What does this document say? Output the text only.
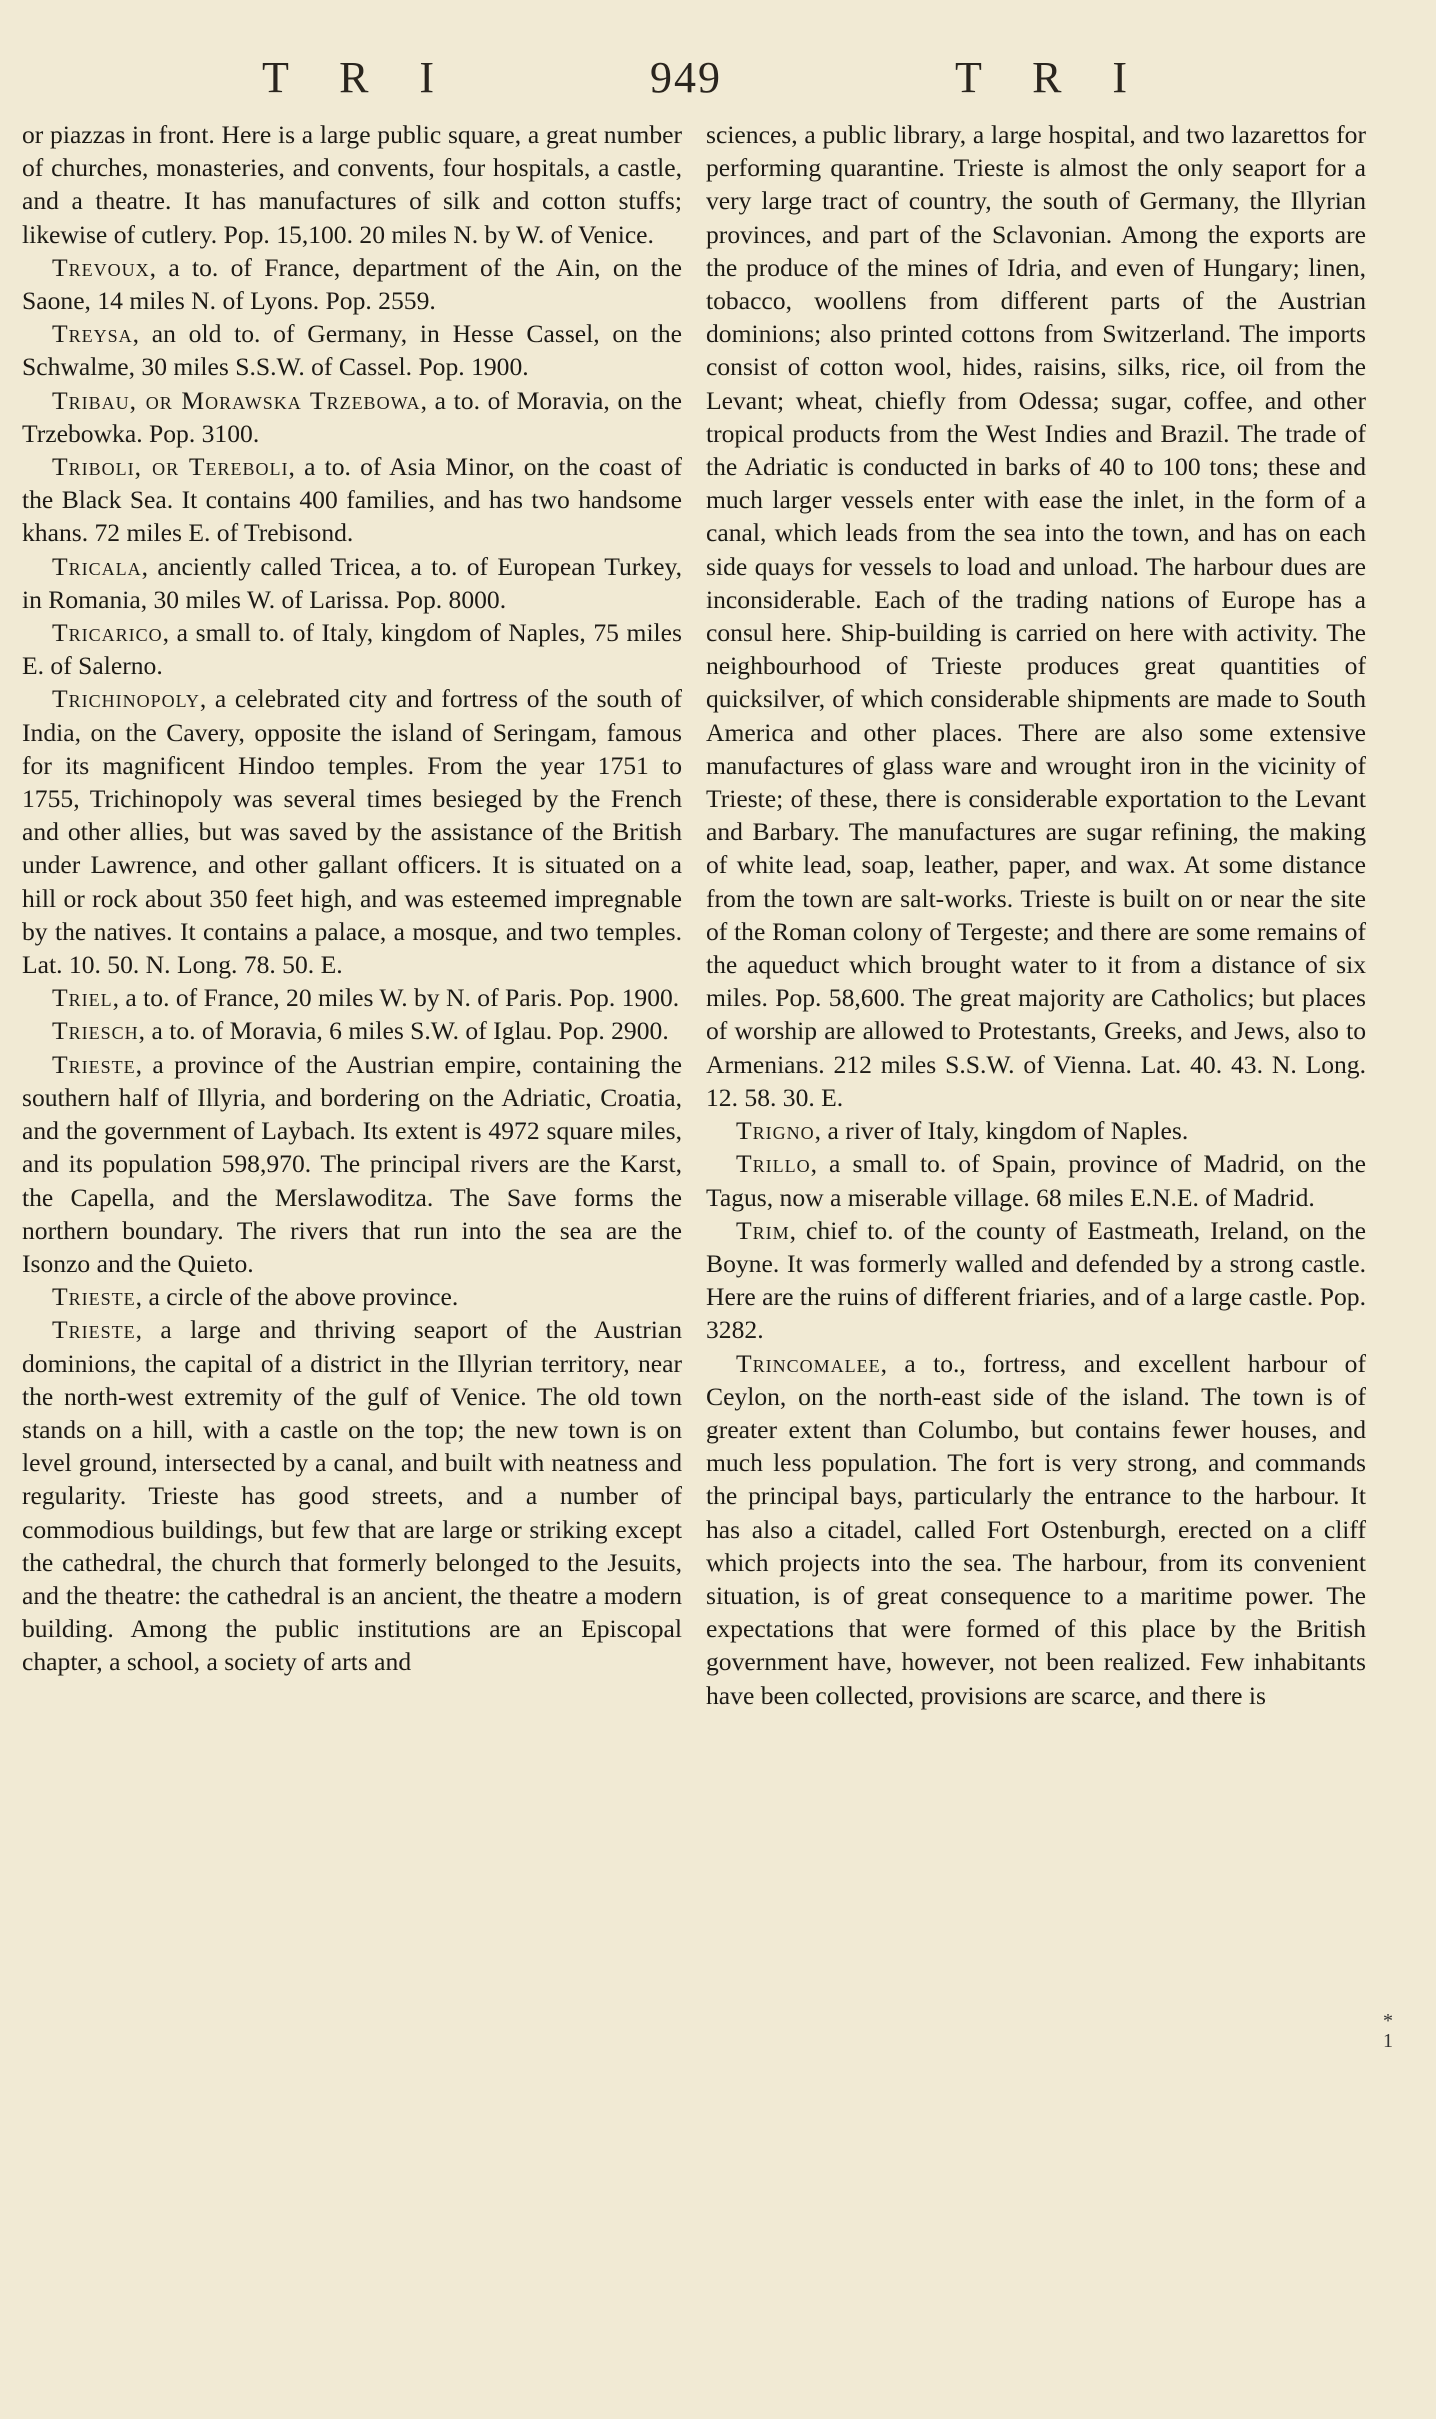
T R I	949	T R I

or piazzas in front. Here is a large public square, a great number of churches, monasteries, and convents, four hospitals, a castle, and a theatre. It has manufactures of silk and cotton stuffs; likewise of cutlery. Pop. 15,100. 20 miles N. by W. of Venice.

Trevoux, a to. of France, department of the Ain, on the Saone, 14 miles N. of Lyons. Pop. 2559.

Treysa, an old to. of Germany, in Hesse Cassel, on the Schwalme, 30 miles S.S.W. of Cassel. Pop. 1900.

Tribau, or Morawska Trzebowa, a to. of Moravia, on the Trzebowka. Pop. 3100.

Triboli, or Tereboli, a to. of Asia Minor, on the coast of the Black Sea. It contains 400 families, and has two handsome khans. 72 miles E. of Trebisond.

Tricala, anciently called Tricea, a to. of European Turkey, in Romania, 30 miles W. of Larissa. Pop. 8000.

Tricarico, a small to. of Italy, kingdom of Naples, 75 miles E. of Salerno.

Trichinopoly, a celebrated city and fortress of the south of India, on the Cavery, opposite the island of Seringam, famous for its magnificent Hindoo temples. From the year 1751 to 1755, Trichinopoly was several times besieged by the French and other allies, but was saved by the assistance of the British under Lawrence, and other gallant officers. It is situated on a hill or rock about 350 feet high, and was esteemed impregnable by the natives. It contains a palace, a mosque, and two temples. Lat. 10. 50. N. Long. 78. 50. E.

Triel, a to. of France, 20 miles W. by N. of Paris. Pop. 1900.

Triesch, a to. of Moravia, 6 miles S.W. of Iglau. Pop. 2900.

Trieste, a province of the Austrian empire, containing the southern half of Illyria, and bordering on the Adriatic, Croatia, and the government of Laybach. Its extent is 4972 square miles, and its population 598,970. The principal rivers are the Karst, the Capella, and the Merslawoditza. The Save forms the northern boundary. The rivers that run into the sea are the Isonzo and the Quieto.

Trieste, a circle of the above province.

Trieste, a large and thriving seaport of the Austrian dominions, the capital of a district in the Illyrian territory, near the north-west extremity of the gulf of Venice. The old town stands on a hill, with a castle on the top; the new town is on level ground, intersected by a canal, and built with neatness and regularity. Trieste has good streets, and a number of commodious buildings, but few that are large or striking except the cathedral, the church that formerly belonged to the Jesuits, and the theatre: the cathedral is an ancient, the theatre a modern building. Among the public institutions are an Episcopal chapter, a school, a society of arts and

sciences, a public library, a large hospital, and two lazarettos for performing quarantine. Trieste is almost the only seaport for a very large tract of country, the south of Germany, the Illyrian provinces, and part of the Sclavonian. Among the exports are the produce of the mines of Idria, and even of Hungary; linen, tobacco, woollens from different parts of the Austrian dominions; also printed cottons from Switzerland. The imports consist of cotton wool, hides, raisins, silks, rice, oil from the Levant; wheat, chiefly from Odessa; sugar, coffee, and other tropical products from the West Indies and Brazil. The trade of the Adriatic is conducted in barks of 40 to 100 tons; these and much larger vessels enter with ease the inlet, in the form of a canal, which leads from the sea into the town, and has on each side quays for vessels to load and unload. The harbour dues are inconsiderable. Each of the trading nations of Europe has a consul here. Ship-building is carried on here with activity. The neighbourhood of Trieste produces great quantities of quicksilver, of which considerable shipments are made to South America and other places. There are also some extensive manufactures of glass ware and wrought iron in the vicinity of Trieste; of these, there is considerable exportation to the Levant and Barbary. The manufactures are sugar refining, the making of white lead, soap, leather, paper, and wax. At some distance from the town are salt-works. Trieste is built on or near the site of the Roman colony of Tergeste; and there are some remains of the aqueduct which brought water to it from a distance of six miles. Pop. 58,600. The great majority are Catholics; but places of worship are allowed to Protestants, Greeks, and Jews, also to Armenians. 212 miles S.S.W. of Vienna. Lat. 40. 43. N. Long. 12. 58. 30. E.

Trigno, a river of Italy, kingdom of Naples.

Trillo, a small to. of Spain, province of Madrid, on the Tagus, now a miserable village. 68 miles E.N.E. of Madrid.

Trim, chief to. of the county of Eastmeath, Ireland, on the Boyne. It was formerly walled and defended by a strong castle. Here are the ruins of different friaries, and of a large castle. Pop. 3282.

Trincomalee, a to., fortress, and excellent harbour of Ceylon, on the north-east side of the island. The town is of greater extent than Columbo, but contains fewer houses, and much less population. The fort is very strong, and commands the principal bays, particularly the entrance to the harbour. It has also a citadel, called Fort Ostenburgh, erected on a cliff which projects into the sea. The harbour, from its convenient situation, is of great consequence to a maritime power. The expectations that were formed of this place by the British government have, however, not been realized. Few inhabitants have been collected, provisions are scarce, and there is

*
1
